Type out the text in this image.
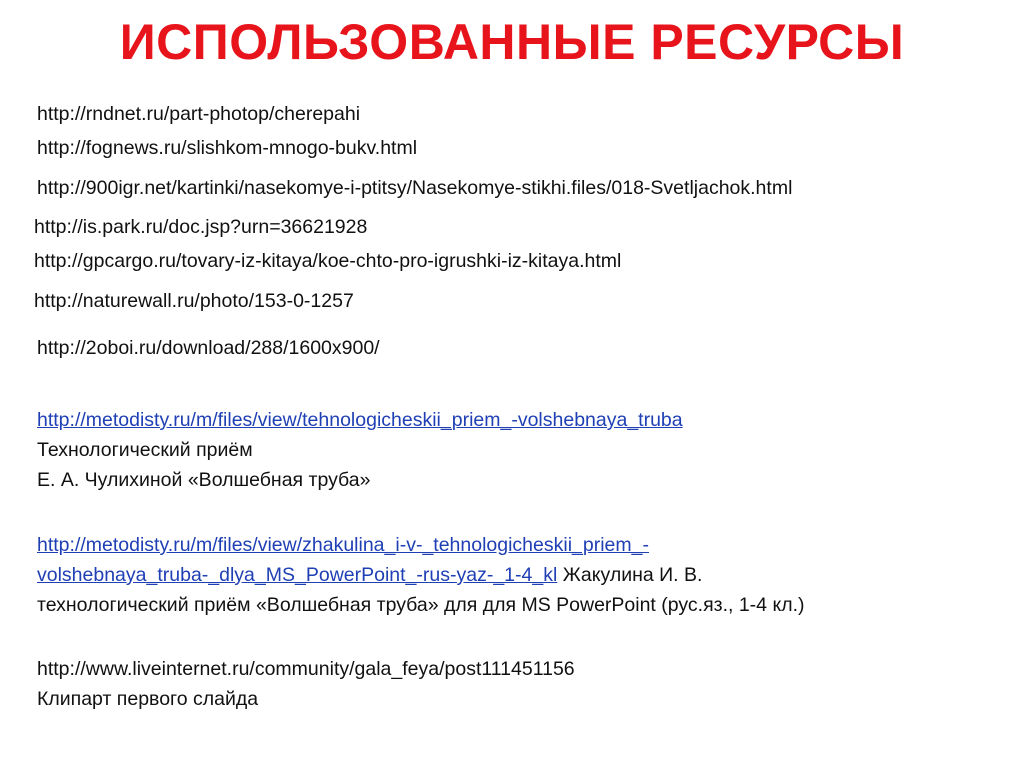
ИСПОЛЬЗОВАННЫЕ РЕСУРСЫ
http://rndnet.ru/part-photop/cherepahi
http://fognews.ru/slishkom-mnogo-bukv.html
http://900igr.net/kartinki/nasekomye-i-ptitsy/Nasekomye-stikhi.files/018-Svetljachok.html
http://is.park.ru/doc.jsp?urn=36621928
http://gpcargo.ru/tovary-iz-kitaya/koe-chto-pro-igrushki-iz-kitaya.html
http://naturewall.ru/photo/153-0-1257
http://2oboi.ru/download/288/1600x900/
http://metodisty.ru/m/files/view/tehnologicheskii_priem_-volshebnaya_truba
Технологический приём
Е. А. Чулихиной «Волшебная труба»
http://metodisty.ru/m/files/view/zhakulina_i-v-_tehnologicheskii_priem_-
volshebnaya_truba-_dlya_MS_PowerPoint_-rus-yaz-_1-4_kl Жакулина И. В.
технологический приём «Волшебная труба» для для MS PowerPoint (рус.яз., 1-4 кл.)
http://www.liveinternet.ru/community/gala_feya/post111451156
Клипарт первого слайда
